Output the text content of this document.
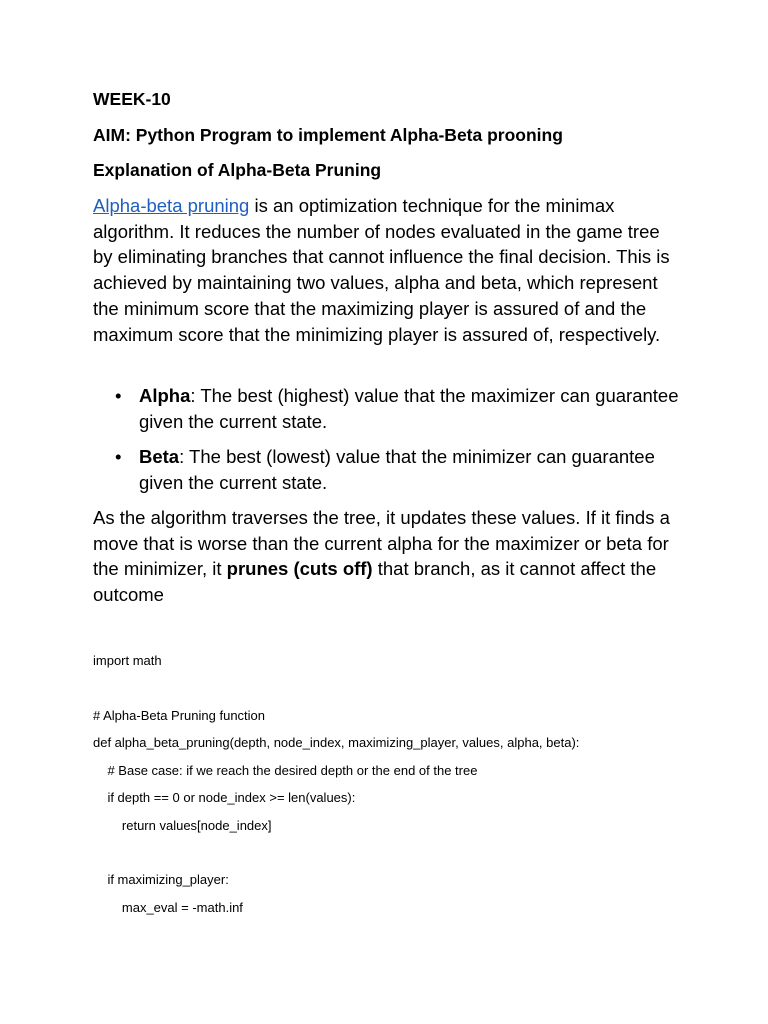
WEEK-10
AIM: Python Program to implement Alpha-Beta prooning
Explanation of Alpha-Beta Pruning

Alpha-beta pruning is an optimization technique for the minimax algorithm. It reduces the number of nodes evaluated in the game tree by eliminating branches that cannot influence the final decision. This is achieved by maintaining two values, alpha and beta, which represent the minimum score that the maximizing player is assured of and the maximum score that the minimizing player is assured of, respectively.

• Alpha: The best (highest) value that the maximizer can guarantee given the current state.
• Beta: The best (lowest) value that the minimizer can guarantee given the current state.

As the algorithm traverses the tree, it updates these values. If it finds a move that is worse than the current alpha for the maximizer or beta for the minimizer, it prunes (cuts off) that branch, as it cannot affect the outcome

import math
# Alpha-Beta Pruning function
def alpha_beta_pruning(depth, node_index, maximizing_player, values, alpha, beta):
# Base case: if we reach the desired depth or the end of the tree
if depth == 0 or node_index >= len(values):
return values[node_index]
if maximizing_player:
max_eval = -math.inf
